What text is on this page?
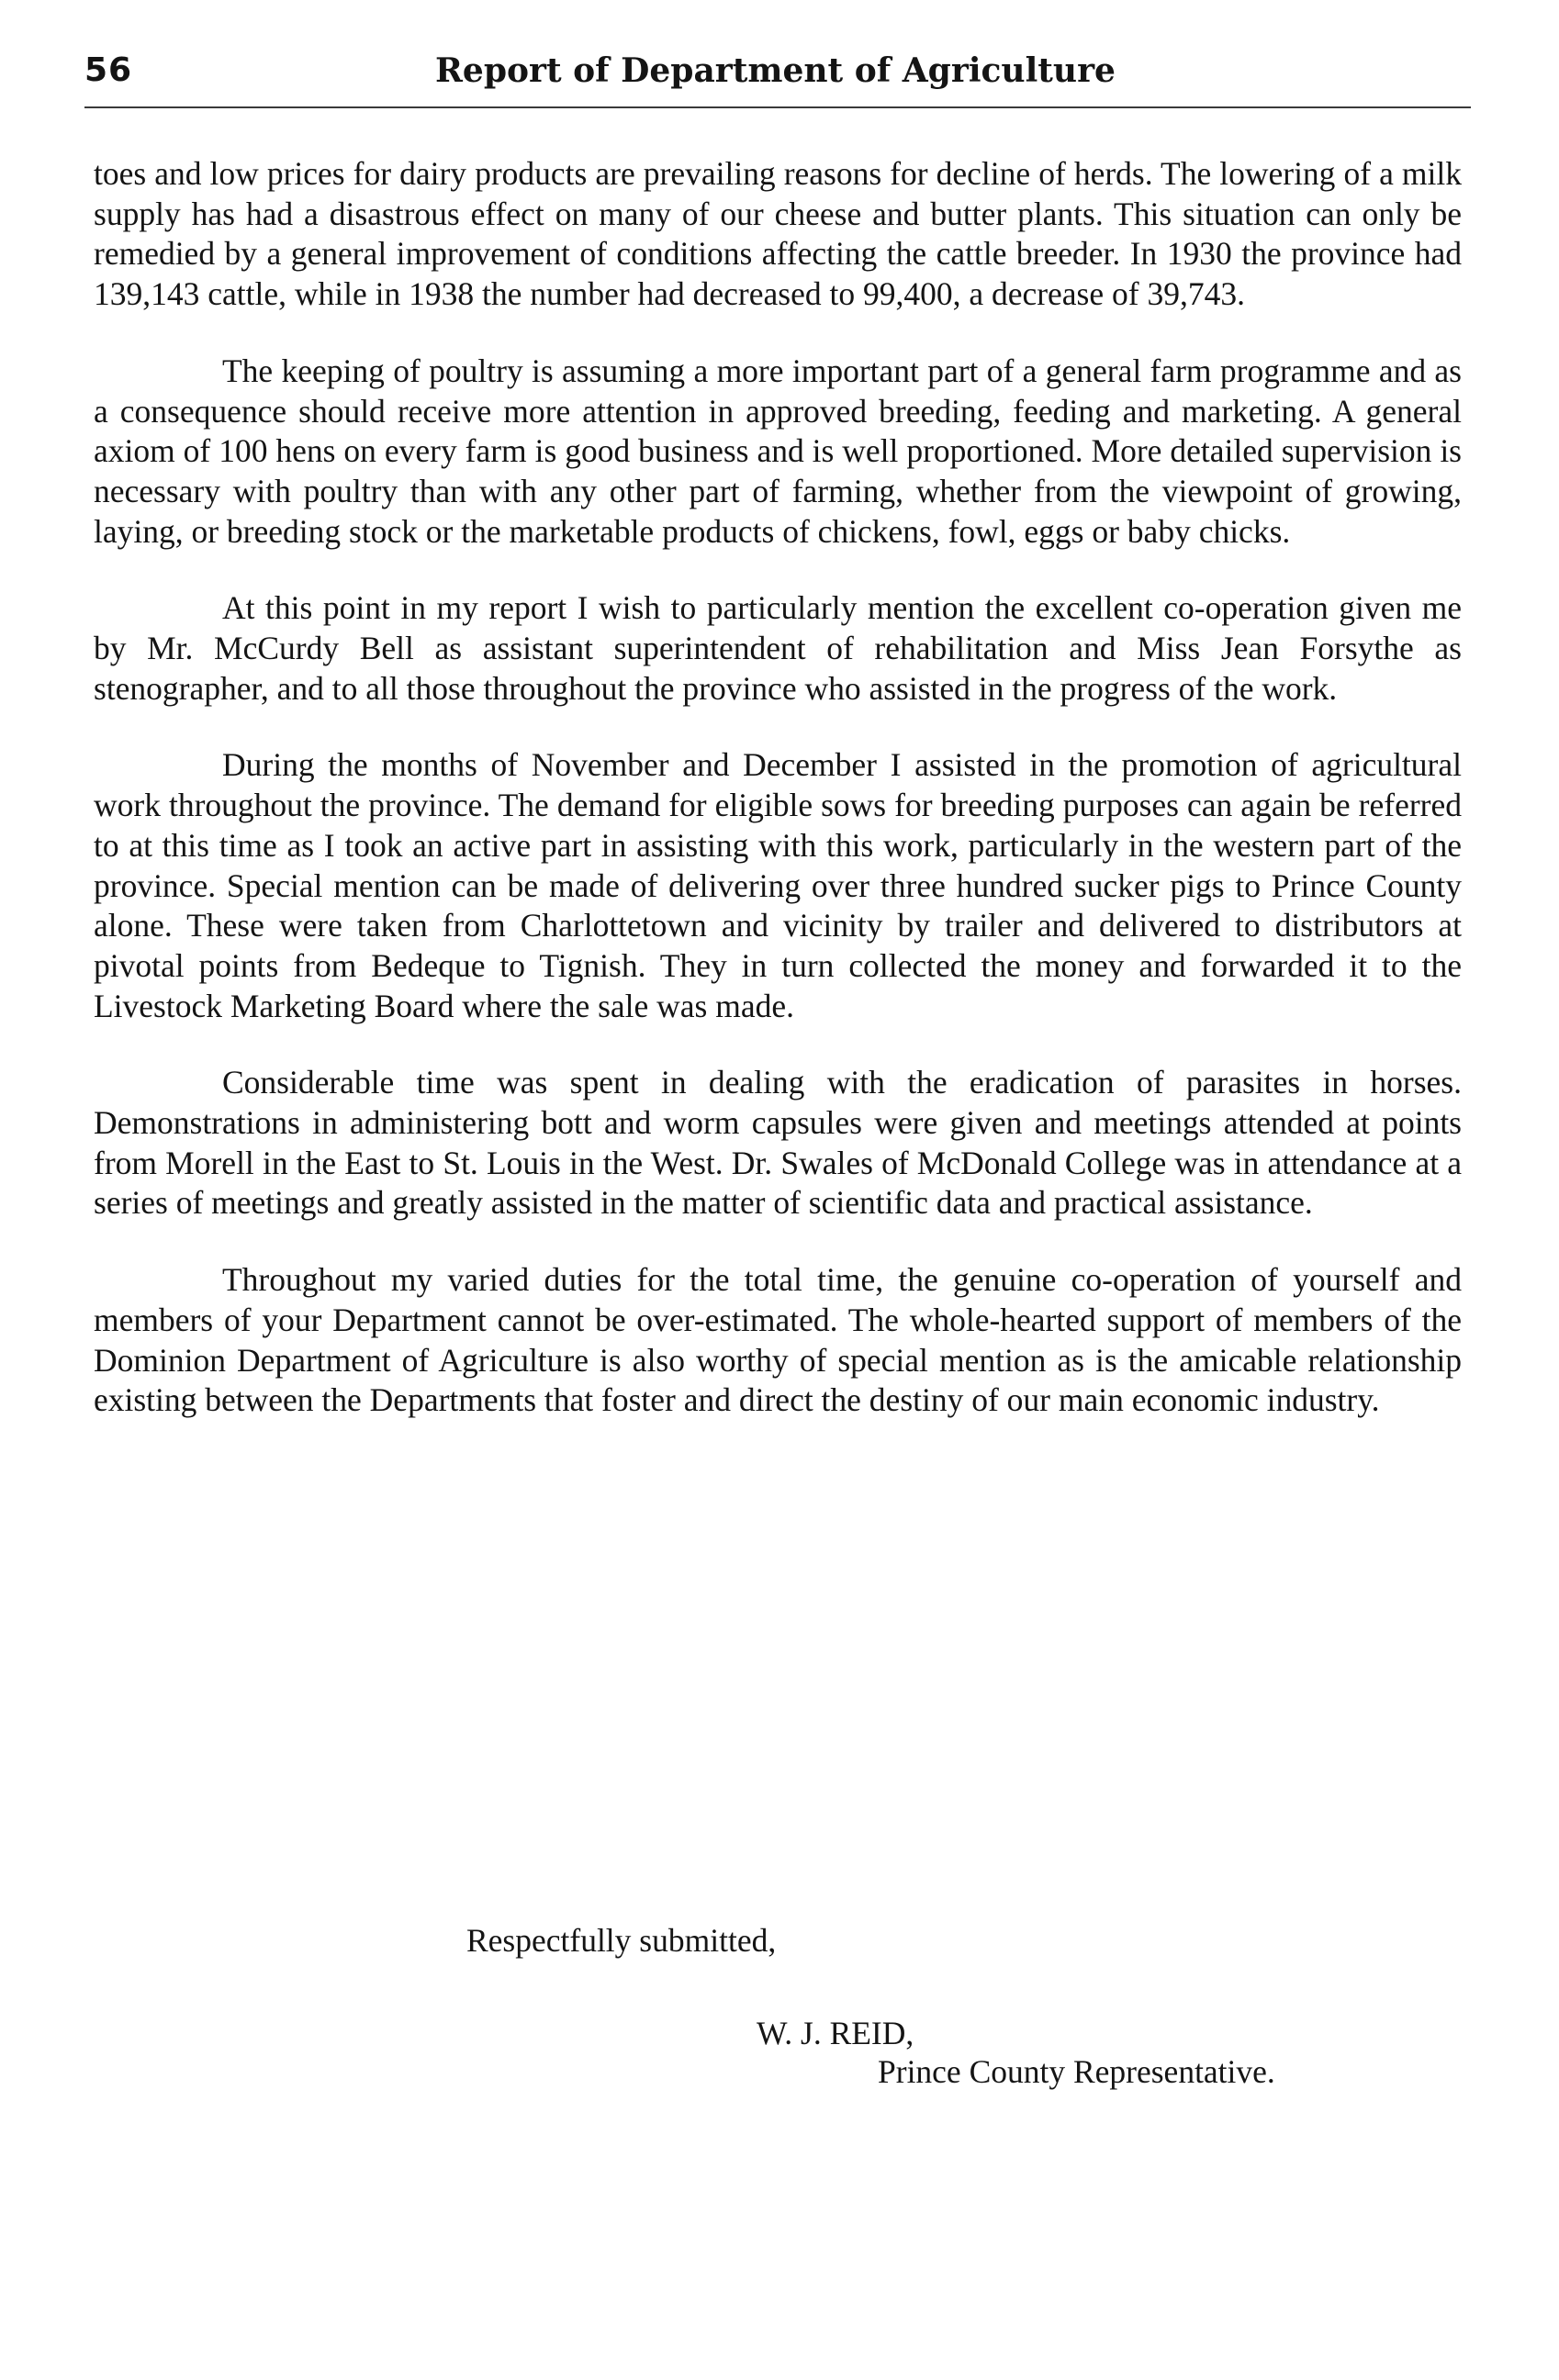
56	Report of Department of Agriculture

toes and low prices for dairy products are prevailing reasons for decline of herds. The lowering of a milk supply has had a disastrous effect on many of our cheese and butter plants. This situation can only be remedied by a general improvement of conditions affecting the cattle breeder. In 1930 the province had 139,143 cattle, while in 1938 the number had decreased to 99,400, a decrease of 39,743.

The keeping of poultry is assuming a more important part of a general farm programme and as a consequence should receive more attention in approved breeding, feeding and marketing. A general axiom of 100 hens on every farm is good business and is well proportioned. More detailed supervision is necessary with poultry than with any other part of farming, whether from the viewpoint of growing, laying, or breeding stock or the marketable products of chickens, fowl, eggs or baby chicks.

At this point in my report I wish to particularly mention the excellent co-operation given me by Mr. McCurdy Bell as assistant superintendent of rehabilitation and Miss Jean Forsythe as stenographer, and to all those throughout the province who assisted in the progress of the work.

During the months of November and December I assisted in the promotion of agricultural work throughout the province. The demand for eligible sows for breeding purposes can again be referred to at this time as I took an active part in assisting with this work, particularly in the western part of the province. Special mention can be made of delivering over three hundred sucker pigs to Prince County alone. These were taken from Charlottetown and vicinity by trailer and delivered to distributors at pivotal points from Bedeque to Tignish. They in turn collected the money and forwarded it to the Livestock Marketing Board where the sale was made.

Considerable time was spent in dealing with the eradication of parasites in horses. Demonstrations in administering bott and worm capsules were given and meetings attended at points from Morell in the East to St. Louis in the West. Dr. Swales of McDonald College was in attendance at a series of meetings and greatly assisted in the matter of scientific data and practical assistance.

Throughout my varied duties for the total time, the genuine co-operation of yourself and members of your Department cannot be over-estimated. The whole-hearted support of members of the Dominion Department of Agriculture is also worthy of special mention as is the amicable relationship existing between the Departments that foster and direct the destiny of our main economic industry.

Respectfully submitted,
W. J. REID,
Prince County Representative.
